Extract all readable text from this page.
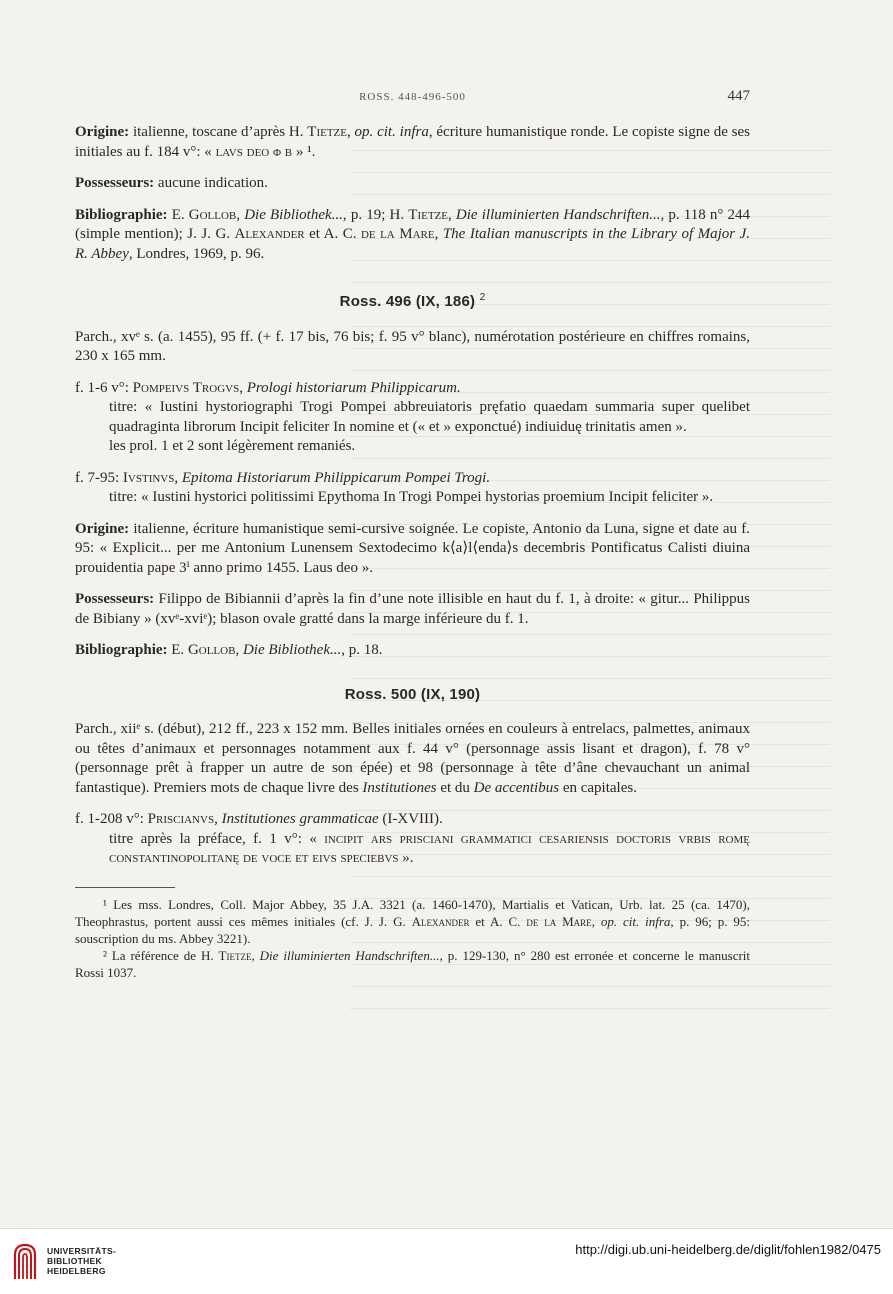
ROSS. 448-496-500	447

Origine: italienne, toscane d’après H. Tietze, op. cit. infra, écriture humanistique ronde. Le copiste signe de ses initiales au f. 184 v°: « lavs deo φ b » ¹.

Possesseurs: aucune indication.

Bibliographie: E. Gollob, Die Bibliothek..., p. 19; H. Tietze, Die illuminierten Handschriften..., p. 118 n° 244 (simple mention); J. J. G. Alexander et A. C. de la Mare, The Italian manuscripts in the Library of Major J. R. Abbey, Londres, 1969, p. 96.

Ross. 496 (IX, 186) $^2$

Parch., xvᵉ s. (a. 1455), 95 ff. (+ f. 17 bis, 76 bis; f. 95 v° blanc), numérotation postérieure en chiffres romains, 230 x 165 mm.

f. 1-6 v°: Pompeivs Trogvs, Prologi historiarum Philippicarum.

titre: « Iustini hystoriographi Trogi Pompei abbreuiatoris pręfatio quaedam summaria super quelibet quadraginta librorum Incipit feliciter In nomine et (« et » exponctué) indiuiduę trinitatis amen ».

les prol. 1 et 2 sont légèrement remaniés.

f. 7-95: Ivstinvs, Epitoma Historiarum Philippicarum Pompei Trogi.

titre: « Iustini hystorici politissimi Epythoma In Trogi Pompei hystorias proemium Incipit feliciter ».

Origine: italienne, écriture humanistique semi-cursive soignée. Le copiste, Antonio da Luna, signe et date au f. 95: « Explicit... per me Antonium Lunensem Sextodecimo k⟨a⟩l⟨enda⟩s decembris Pontificatus Calisti diuina prouidentia pape 3ⁱ anno primo 1455. Laus deo ».

Possesseurs: Filippo de Bibiannii d’après la fin d’une note illisible en haut du f. 1, à droite: « gitur... Philippus de Bibiany » (xvᵉ-xviᵉ); blason ovale gratté dans la marge inférieure du f. 1.

Bibliographie: E. Gollob, Die Bibliothek..., p. 18.

Ross. 500 (IX, 190)

Parch., xiiᵉ s. (début), 212 ff., 223 x 152 mm. Belles initiales ornées en couleurs à entrelacs, palmettes, animaux ou têtes d’animaux et personnages notamment aux f. 44 v° (personnage assis lisant et dragon), f. 78 v° (personnage prêt à frapper un autre de son épée) et 98 (personnage à tête d’âne chevauchant un animal fantastique). Premiers mots de chaque livre des Institutiones et du De accentibus en capitales.

f. 1-208 v°: Priscianvs, Institutiones grammaticae (I-XVIII).

titre après la préface, f. 1 v°: « incipit ars prisciani grammatici cesariensis doctoris vrbis romę constantinopolitanę de voce et eivs speciebvs ».

¹ Les mss. Londres, Coll. Major Abbey, 35 J.A. 3321 (a. 1460-1470), Martialis et Vatican, Urb. lat. 25 (ca. 1470), Theophrastus, portent aussi ces mêmes initiales (cf. J. J. G. Alexander et A. C. de la Mare, op. cit. infra, p. 96; p. 95: souscription du ms. Abbey 3221).

² La référence de H. Tietze, Die illuminierten Handschriften..., p. 129-130, n° 280 est erronée et concerne le manuscrit Rossi 1037.

UNIVERSITÄTS-
BIBLIOTHEK
HEIDELBERG
http://digi.ub.uni-heidelberg.de/diglit/fohlen1982/0475
